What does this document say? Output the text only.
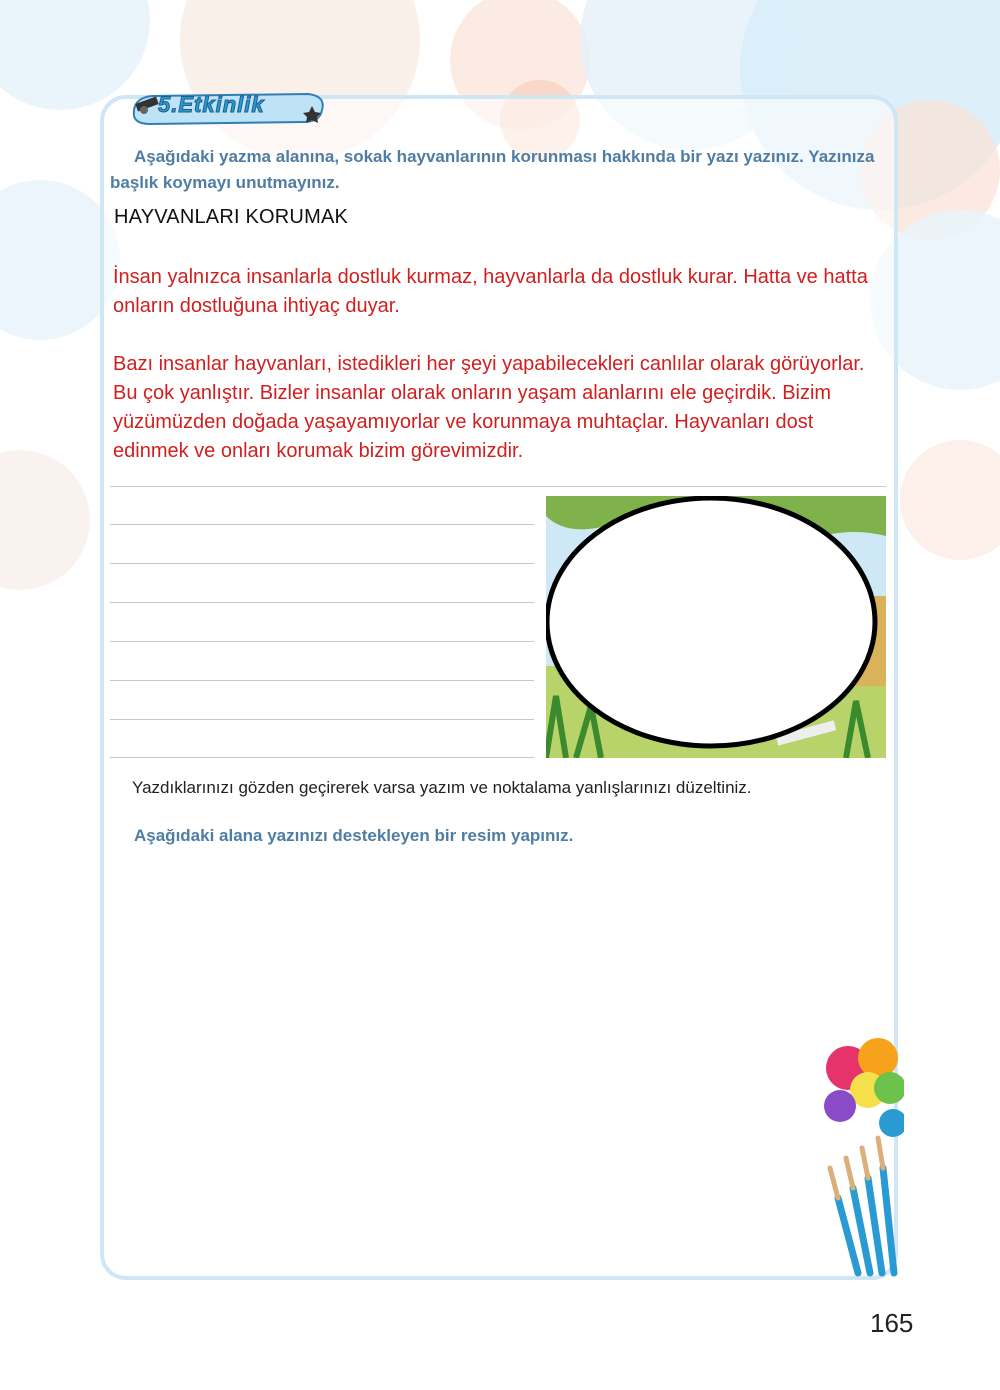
5.Etkinlik
Aşağıdaki yazma alanına, sokak hayvanlarının korunması hakkında bir yazı yazınız. Yazınıza başlık koymayı unutmayınız.
HAYVANLARI KORUMAK
İnsan yalnızca insanlarla dostluk kurmaz, hayvanlarla da dostluk kurar. Hatta ve hatta onların dostluğuna ihtiyaç duyar.
Bazı insanlar hayvanları, istedikleri her şeyi yapabilecekleri canlılar olarak görüyorlar. Bu çok yanlıştır. Bizler insanlar olarak onların yaşam alanlarını ele geçirdik. Bizim yüzümüzden doğada yaşayamıyorlar ve korunmaya muhtaçlar. Hayvanları dost edinmek ve onları korumak bizim görevimizdir.
Yazdıklarınızı gözden geçirerek varsa yazım ve noktalama yanlışlarınızı düzeltiniz.
Aşağıdaki alana yazınızı destekleyen bir resim yapınız.
165
